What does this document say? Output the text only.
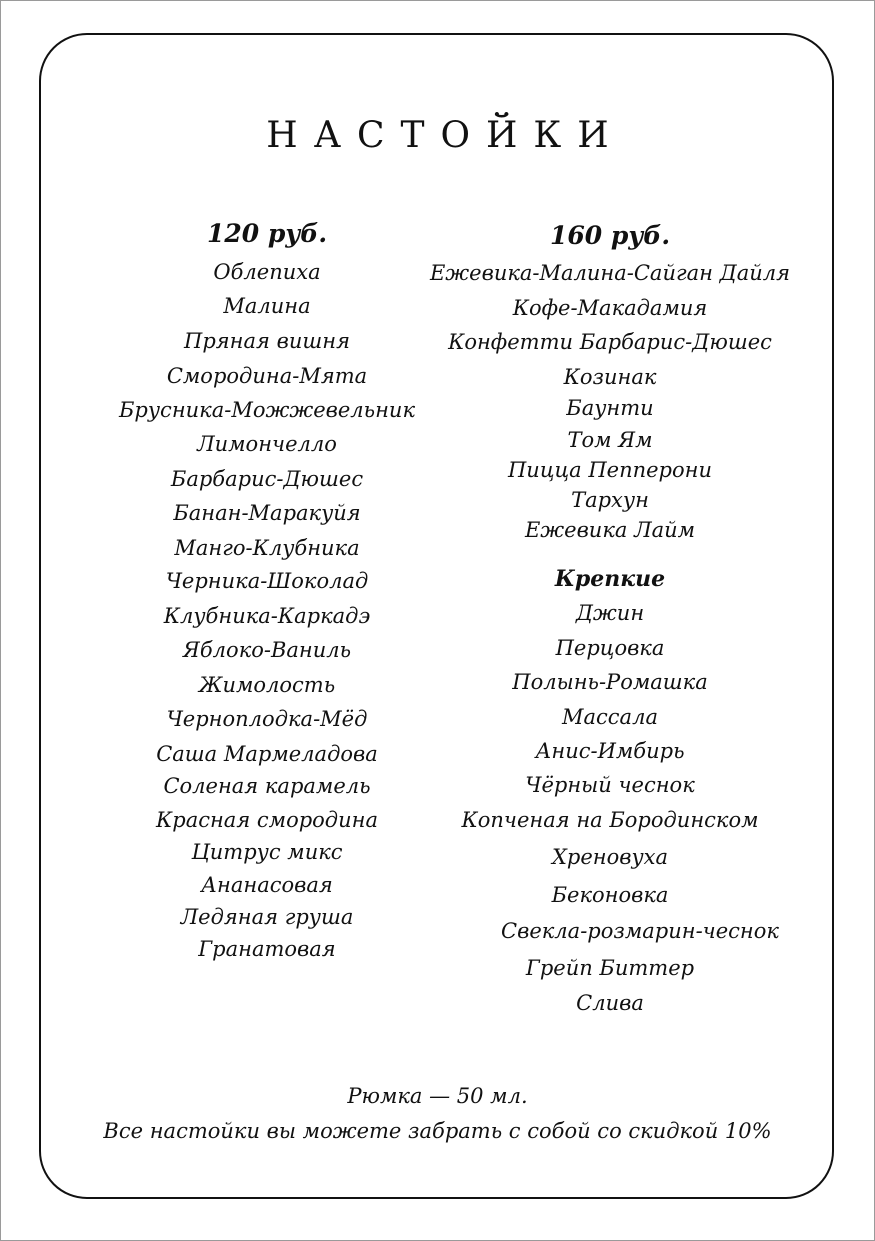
НАСТОЙКИ
120 руб.
Облепиха
Малина
Пряная вишня
Смородина-Мята
Брусника-Можжевельник
Лимончелло
Барбарис-Дюшес
Банан-Маракуйя
Манго-Клубника
Черника-Шоколад
Клубника-Каркадэ
Яблоко-Ваниль
Жимолость
Черноплодка-Мёд
Саша Мармеладова
Соленая карамель
Красная смородина
Цитрус микс
Ананасовая
Ледяная груша
Гранатовая
160 руб.
Ежевика-Малина-Сайган Дайля
Кофе-Макадамия
Конфетти Барбарис-Дюшес
Козинак
Баунти
Том Ям
Пицца Пепперони
Тархун
Ежевика Лайм
Крепкие
Джин
Перцовка
Полынь-Ромашка
Массала
Анис-Имбирь
Чёрный чеснок
Копченая на Бородинском
Хреновуха
Беконовка
Свекла-розмарин-чеснок
Грейп Биттер
Слива
Рюмка — 50 мл.
Все настойки вы можете забрать с собой со скидкой 10%
